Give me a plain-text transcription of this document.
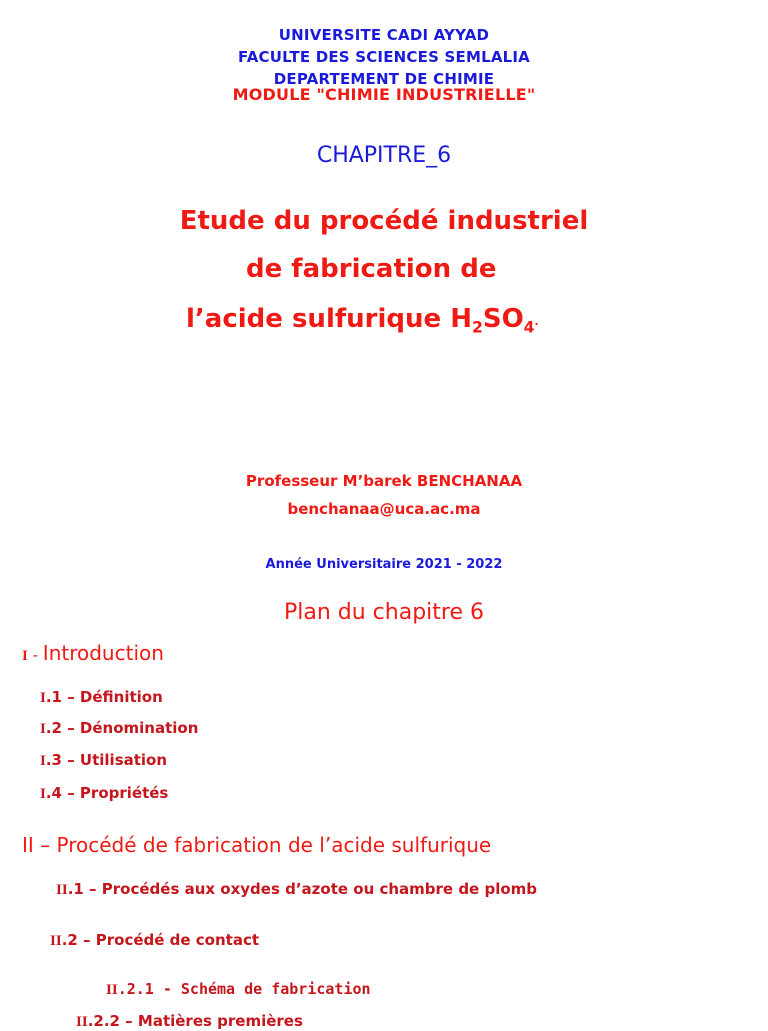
UNIVERSITE CADI AYYAD
FACULTE DES SCIENCES SEMLALIA
DEPARTEMENT DE CHIMIE
MODULE "CHIMIE INDUSTRIELLE"
CHAPITRE_6
Etude du procédé industriel
de fabrication de
l’acide sulfurique $H_2SO_4$.
Professeur M’barek BENCHANAA
benchanaa@uca.ac.ma
Année Universitaire 2021 - 2022
Plan du chapitre 6
I - Introduction
I.1 – Définition
I.2 – Dénomination
I.3 – Utilisation
I.4 – Propriétés
II – Procédé de fabrication de l’acide sulfurique
II.1 – Procédés aux oxydes d’azote ou chambre de plomb
II.2 – Procédé de contact
II.2.1 - Schéma de fabrication
II.2.2 – Matières premières
